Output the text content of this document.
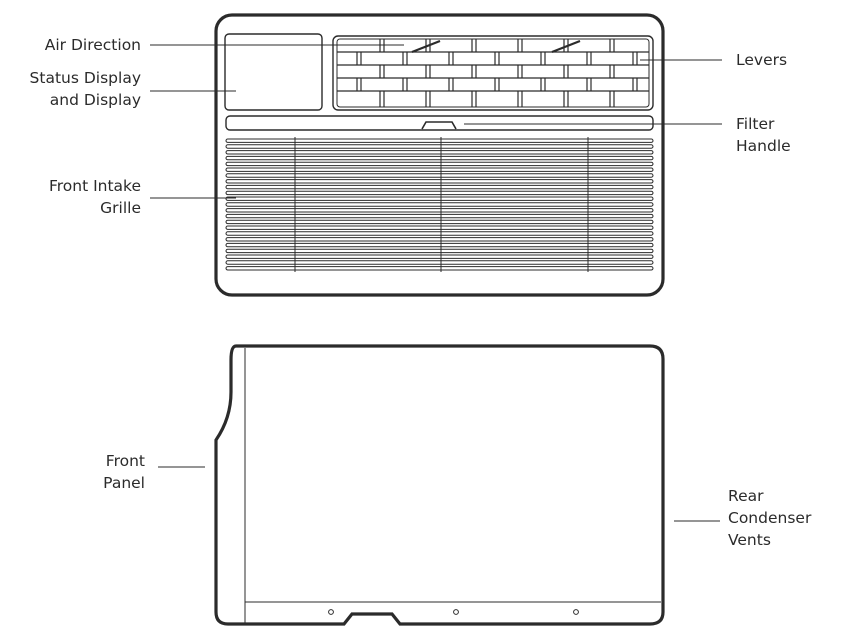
Air Direction
Status Display
and Display
Front Intake
Grille
Levers
Filter
Handle
Front
Panel
Rear
Condenser
Vents
